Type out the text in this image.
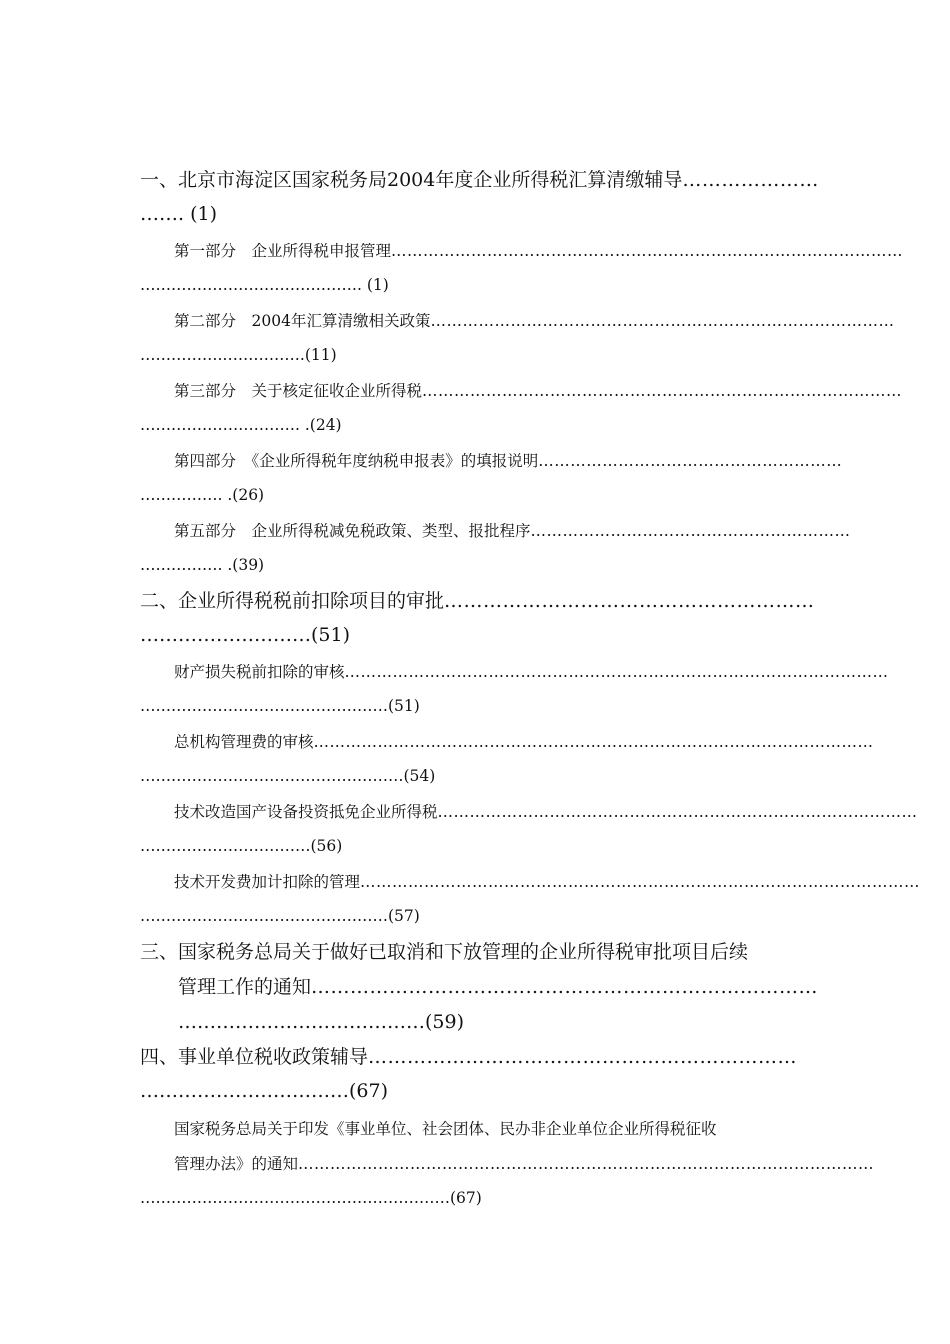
一、北京市海淀区国家税务局2004年度企业所得税汇算清缴辅导…………………
……. (1)
第一部分　企业所得税申报管理……………………………………………………………………………………
……………………………………. (1)
第二部分　2004年汇算清缴相关政策……………………………………………………………………………
…………….…………….(11)
第三部分　关于核定征收企业所得税………………………………………………………………………………
…………………………. .(24)
第四部分　《企业所得税年度纳税申报表》的填报说明…………………………………………………
……………. .(26)
第五部分　企业所得税减免税政策、类型、报批程序……………………………………………………
……………. .(39)
二、企业所得税税前扣除项目的审批…………………………………………………
………………………(51)
财产损失税前扣除的审核…………………………………………………………………………………………
…………………………………………(51)
总机构管理费的审核……………………………………………………………………………………………
……………………………………………(54)
技术改造国产设备投资抵免企业所得税………………………………………………………………………………
……………………………(56)
技术开发费加计扣除的管理……………………………………………………………………………………………
…………………………………………(57)
三、国家税务总局关于做好已取消和下放管理的企业所得税审批项目后续
管理工作的通知……………………………………………………………………
…………………………………(59)
四、事业单位税收政策辅导…………………………………………………………
……………………………(67)
国家税务总局关于印发《事业单位、社会团体、民办非企业单位企业所得税征收
管理办法》的通知………………………………………………………………………………………………
……………………………………………………(67)
